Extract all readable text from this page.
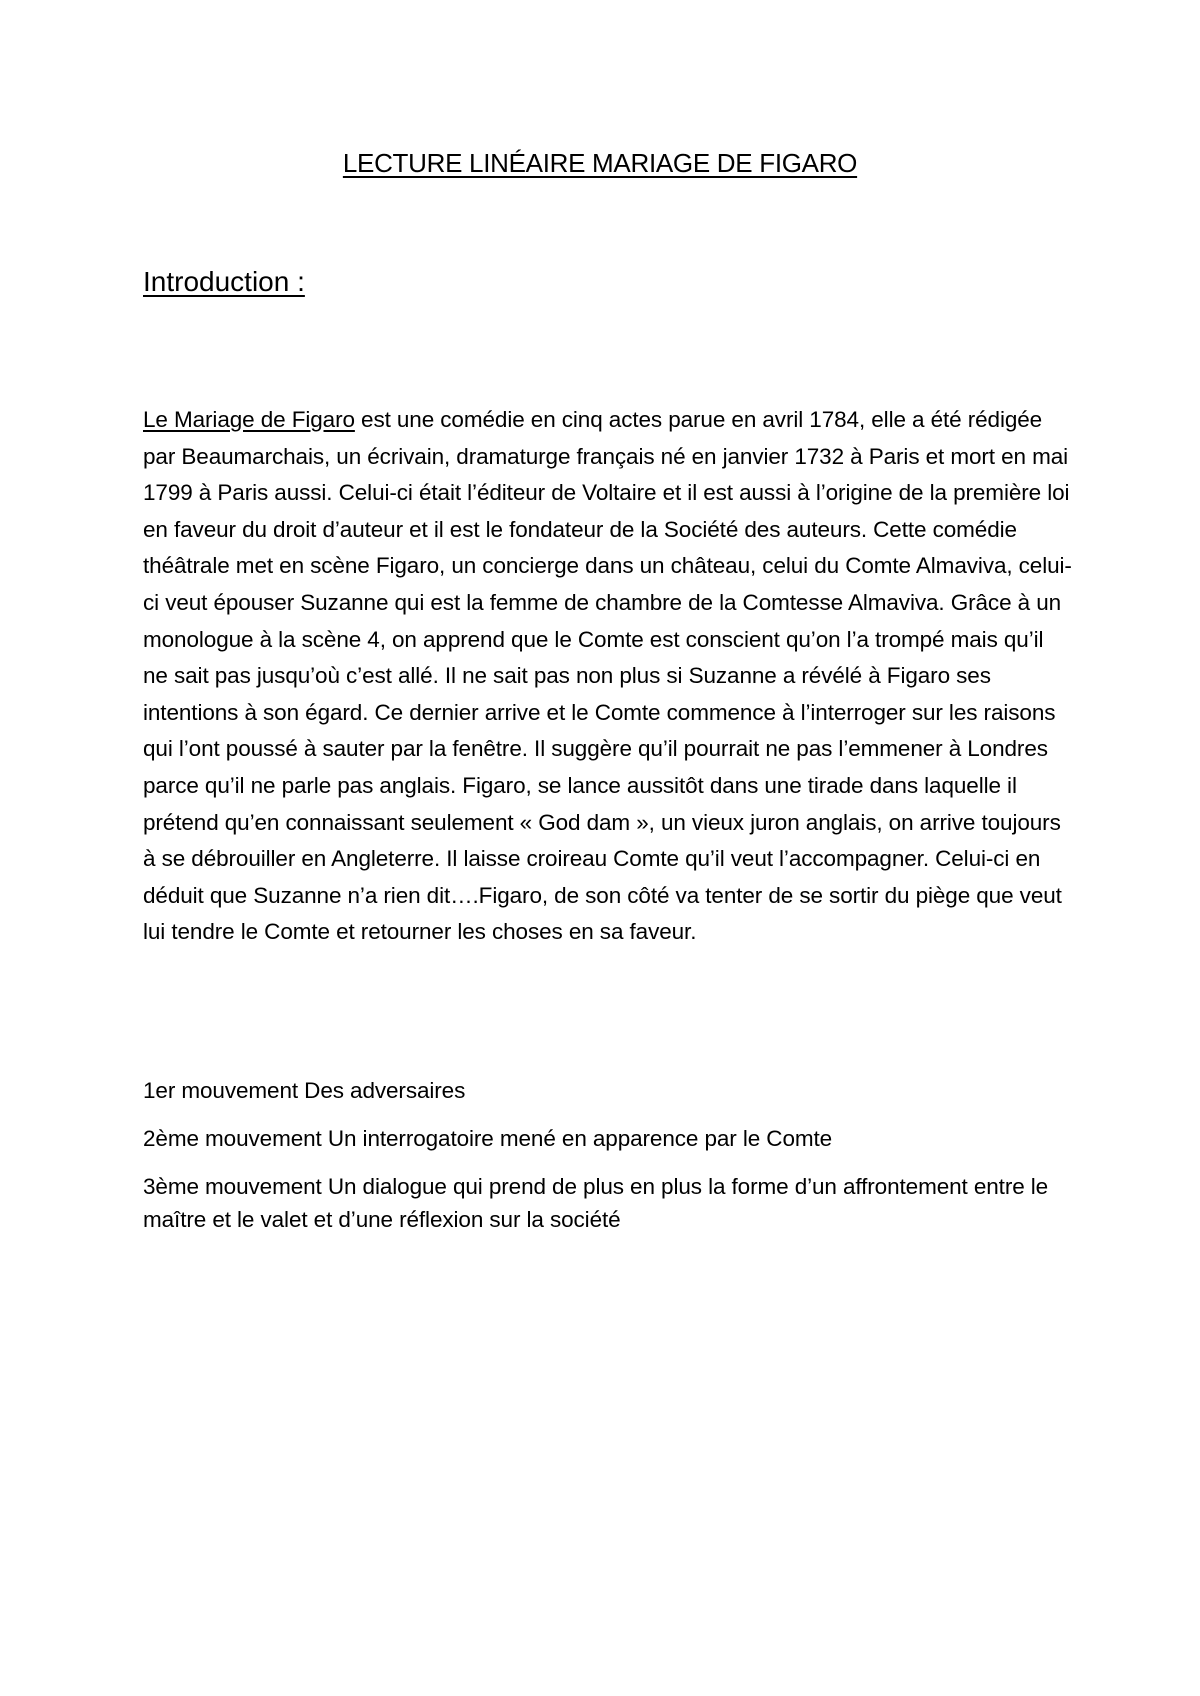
LECTURE LINÉAIRE MARIAGE DE FIGARO
Introduction :

Le Mariage de Figaro est une comédie en cinq actes parue en avril 1784, elle a été rédigée par Beaumarchais, un écrivain, dramaturge français né en janvier 1732 à Paris et mort en mai 1799 à Paris aussi. Celui-ci était l’éditeur de Voltaire et il est aussi à l’origine de la première loi en faveur du droit d’auteur et il est le fondateur de la Société des auteurs. Cette comédie théâtrale met en scène Figaro, un concierge dans un château, celui du Comte Almaviva, celui-ci veut épouser Suzanne qui est la femme de chambre de la Comtesse Almaviva. Grâce à un monologue à la scène 4, on apprend que le Comte est conscient qu’on l’a trompé mais qu’il ne sait pas jusqu’où c’est allé. Il ne sait pas non plus si Suzanne a révélé à Figaro ses intentions à son égard. Ce dernier arrive et le Comte commence à l’interroger sur les raisons qui l’ont poussé à sauter par la fenêtre. Il suggère qu’il pourrait ne pas l’emmener à Londres parce qu’il ne parle pas anglais. Figaro, se lance aussitôt dans une tirade dans laquelle il prétend qu’en connaissant seulement « God dam », un vieux juron anglais, on arrive toujours à se débrouiller en Angleterre. Il laisse croireau Comte qu’il veut l’accompagner. Celui-ci en déduit que Suzanne n’a rien dit….Figaro, de son côté va tenter de se sortir du piège que veut lui tendre le Comte et retourner les choses en sa faveur.

1er mouvement Des adversaires

2ème mouvement Un interrogatoire mené en apparence par le Comte

3ème mouvement Un dialogue qui prend de plus en plus la forme d’un affrontement entre le maître et le valet et d’une réflexion sur la société
